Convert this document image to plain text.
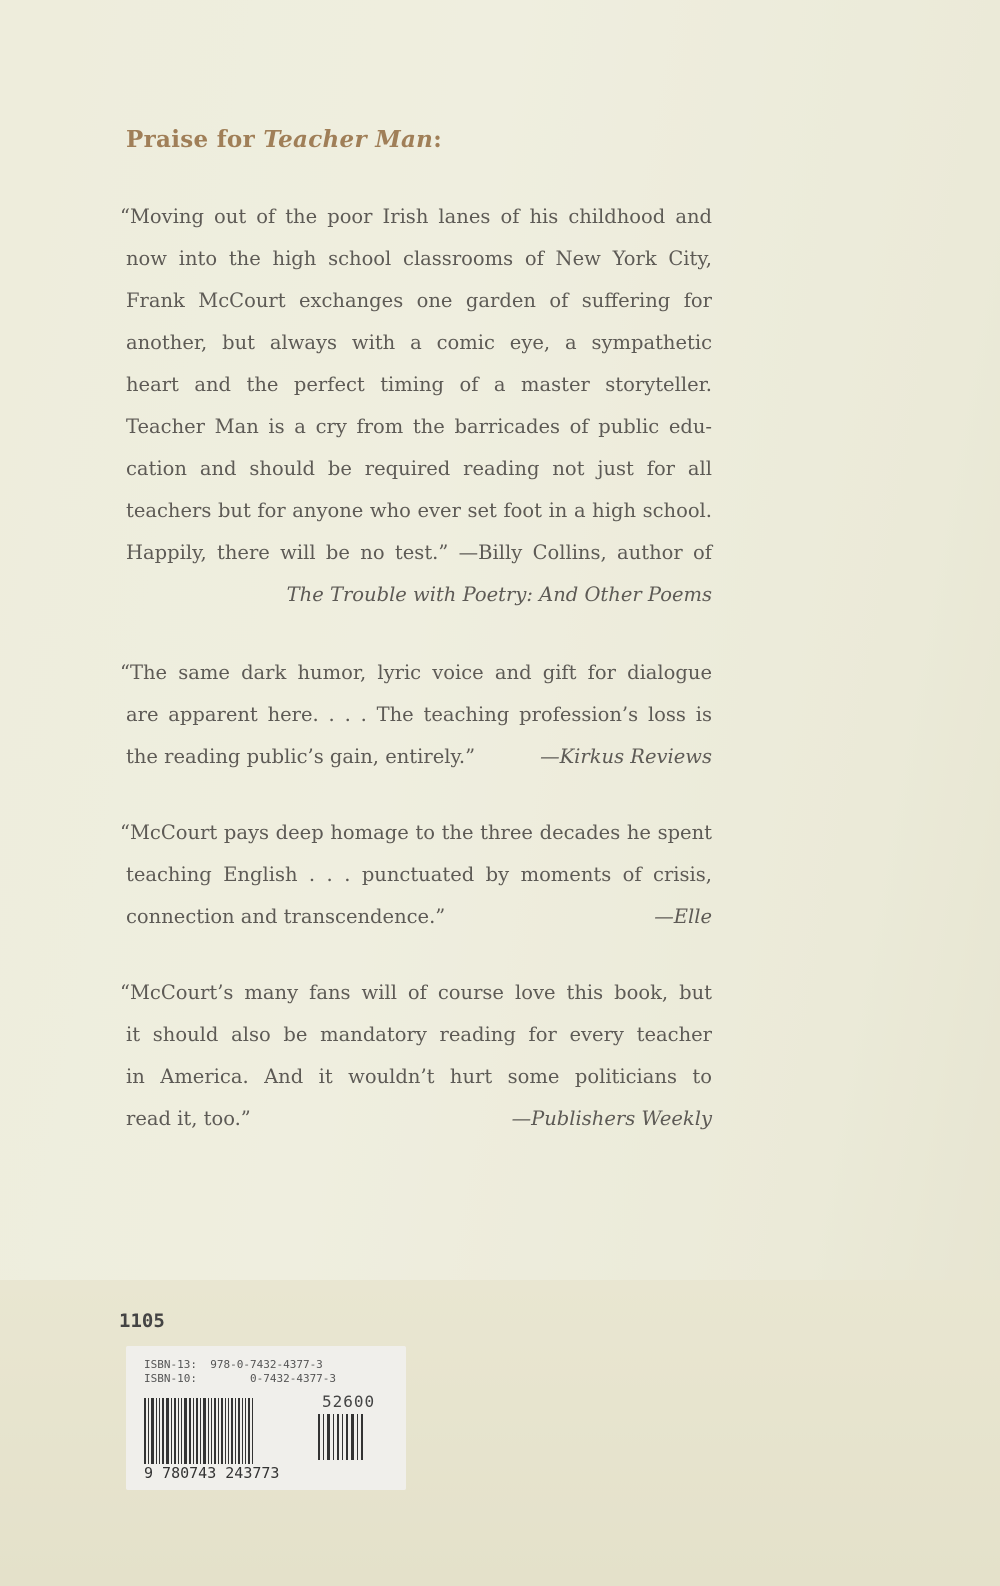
Praise for Teacher Man:
“Moving out of the poor Irish lanes of his childhood and
now into the high school classrooms of New York City,
Frank McCourt exchanges one garden of suffering for
another, but always with a comic eye, a sympathetic
heart and the perfect timing of a master storyteller.
Teacher Man is a cry from the barricades of public edu-
cation and should be required reading not just for all
teachers but for anyone who ever set foot in a high school.
Happily, there will be no test.” —Billy Collins, author of
The Trouble with Poetry: And Other Poems
“The same dark humor, lyric voice and gift for dialogue
are apparent here. . . . The teaching profession’s loss is
the reading public’s gain, entirely.”	—Kirkus Reviews
“McCourt pays deep homage to the three decades he spent
teaching English . . . punctuated by moments of crisis,
connection and transcendence.”	—Elle
“McCourt’s many fans will of course love this book, but
it should also be mandatory reading for every teacher
in America. And it wouldn’t hurt some politicians to
read it, too.”	—Publishers Weekly
1105
ISBN-13:  978-0-7432-4377-3
ISBN-10:        0-7432-4377-3
52600
9 780743 243773
